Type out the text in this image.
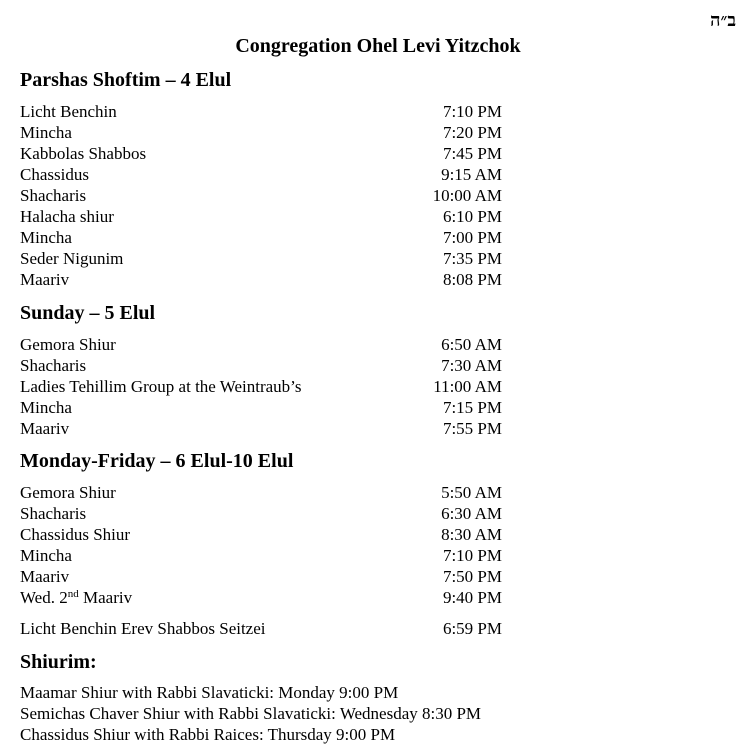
ב״ה
Congregation Ohel Levi Yitzchok
Parshas Shoftim – 4 Elul
Licht Benchin	7:10 PM
Mincha	7:20 PM
Kabbolas Shabbos	7:45 PM
Chassidus	9:15 AM
Shacharis	10:00 AM
Halacha shiur	6:10 PM
Mincha	7:00 PM
Seder Nigunim	7:35 PM
Maariv	8:08 PM
Sunday – 5 Elul
Gemora Shiur	6:50 AM
Shacharis	7:30 AM
Ladies Tehillim Group at the Weintraub’s	11:00 AM
Mincha	7:15 PM
Maariv	7:55 PM
Monday-Friday – 6 Elul-10 Elul
Gemora Shiur	5:50 AM
Shacharis	6:30 AM
Chassidus Shiur	8:30 AM
Mincha	7:10 PM
Maariv	7:50 PM
Wed. 2nd Maariv	9:40 PM
Licht Benchin Erev Shabbos Seitzei	6:59 PM
Shiurim:
Maamar Shiur with Rabbi Slavaticki: Monday 9:00 PM
Semichas Chaver Shiur with Rabbi Slavaticki: Wednesday 8:30 PM
Chassidus Shiur with Rabbi Raices: Thursday 9:00 PM
